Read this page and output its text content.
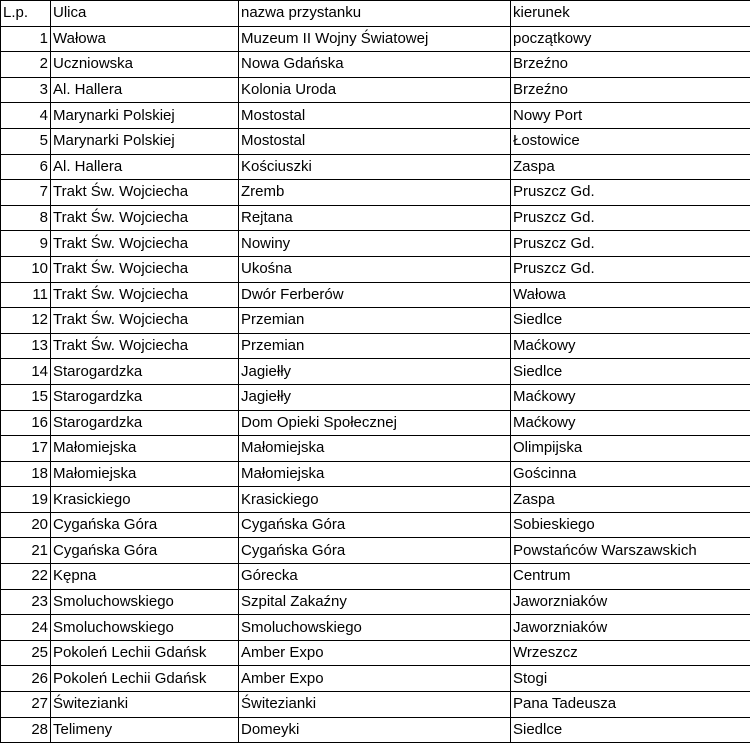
L.p.	Ulica	nazwa przystanku	kierunek
1	Wałowa	Muzeum II Wojny Światowej	początkowy
2	Uczniowska	Nowa Gdańska	Brzeźno
3	Al. Hallera	Kolonia Uroda	Brzeźno
4	Marynarki Polskiej	Mostostal	Nowy Port
5	Marynarki Polskiej	Mostostal	Łostowice
6	Al. Hallera	Kościuszki	Zaspa
7	Trakt Św. Wojciecha	Zremb	Pruszcz Gd.
8	Trakt Św. Wojciecha	Rejtana	Pruszcz Gd.
9	Trakt Św. Wojciecha	Nowiny	Pruszcz Gd.
10	Trakt Św. Wojciecha	Ukośna	Pruszcz Gd.
11	Trakt Św. Wojciecha	Dwór Ferberów	Wałowa
12	Trakt Św. Wojciecha	Przemian	Siedlce
13	Trakt Św. Wojciecha	Przemian	Maćkowy
14	Starogardzka	Jagiełły	Siedlce
15	Starogardzka	Jagiełły	Maćkowy
16	Starogardzka	Dom Opieki Społecznej	Maćkowy
17	Małomiejska	Małomiejska	Olimpijska
18	Małomiejska	Małomiejska	Gościnna
19	Krasickiego	Krasickiego	Zaspa
20	Cygańska Góra	Cygańska Góra	Sobieskiego
21	Cygańska Góra	Cygańska Góra	Powstańców Warszawskich
22	Kępna	Górecka	Centrum
23	Smoluchowskiego	Szpital Zakaźny	Jaworzniaków
24	Smoluchowskiego	Smoluchowskiego	Jaworzniaków
25	Pokoleń Lechii Gdańsk	Amber Expo	Wrzeszcz
26	Pokoleń Lechii Gdańsk	Amber Expo	Stogi
27	Świtezianki	Świtezianki	Pana Tadeusza
28	Telimeny	Domeyki	Siedlce
